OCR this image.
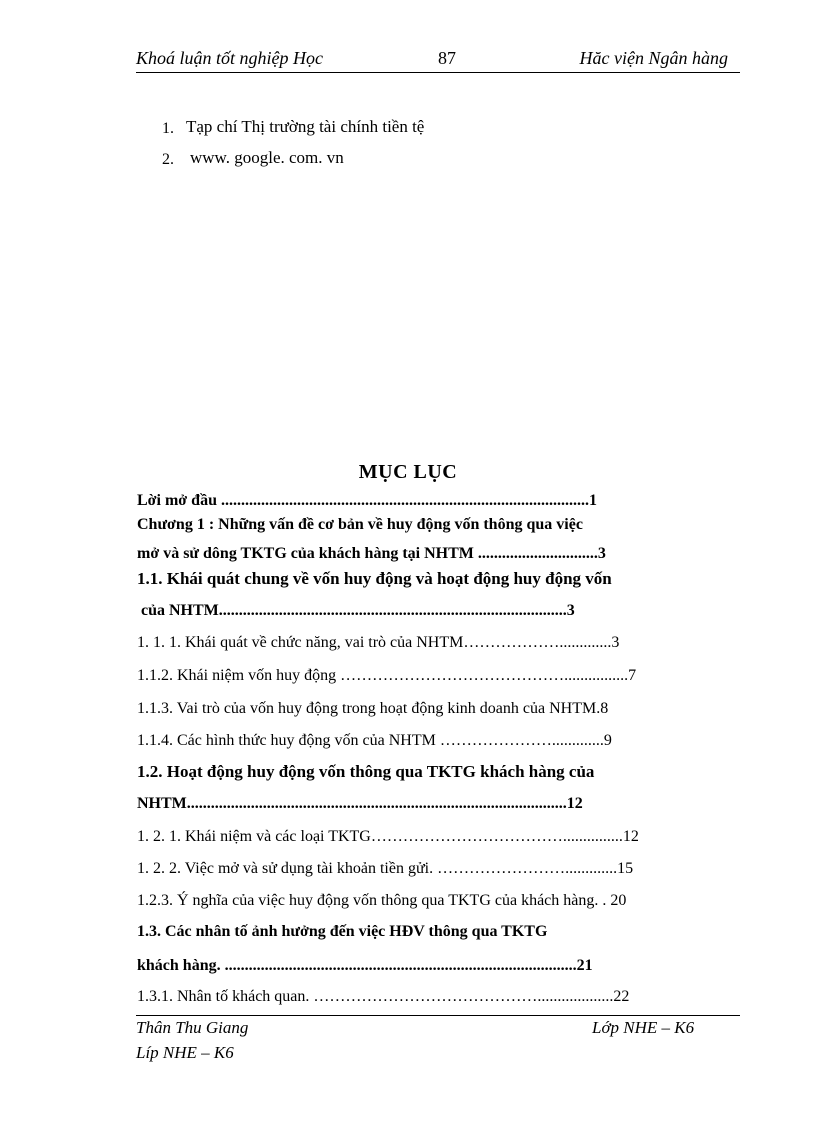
Khoá luận tốt nghiệp Học	87	Hăc viện Ngân hàng
1. Tạp chí Thị trường tài chính tiền tệ
2. www. google. com. vn
MỤC LỤC
Lời mở đầu ............................................................................................1
Chương 1 : Những vấn đề cơ bản về huy động vốn thông qua việc
mở và sử dông TKTG của khách hàng tại NHTM ..............................3
1.1. Khái quát chung về vốn huy động và hoạt động huy động vốn
của NHTM.......................................................................................3
1. 1. 1. Khái quát về chức năng, vai trò của NHTM……………….............3
1.1.2. Khái niệm vốn huy động ……………………………………................7
1.1.3. Vai trò của vốn huy động trong hoạt động kinh doanh của NHTM.8
1.1.4. Các hình thức huy động vốn của NHTM ………………….............9
1.2. Hoạt động huy động vốn thông qua TKTG khách hàng của
NHTM...............................................................................................12
1. 2. 1. Khái niệm và các loại TKTG………………………………...............12
1. 2. 2. Việc mở và sử dụng tài khoản tiền gửi. …………………….............15
1.2.3. Ý nghĩa của việc huy động vốn thông qua TKTG của khách hàng. . 20
1.3. Các nhân tố ảnh hưởng đến việc HĐV thông qua TKTG
khách hàng. ........................................................................................21
1.3.1. Nhân tố khách quan. ……………………………………...................22
Thân Thu Giang	Lớp NHE – K6
Líp NHE – K6
